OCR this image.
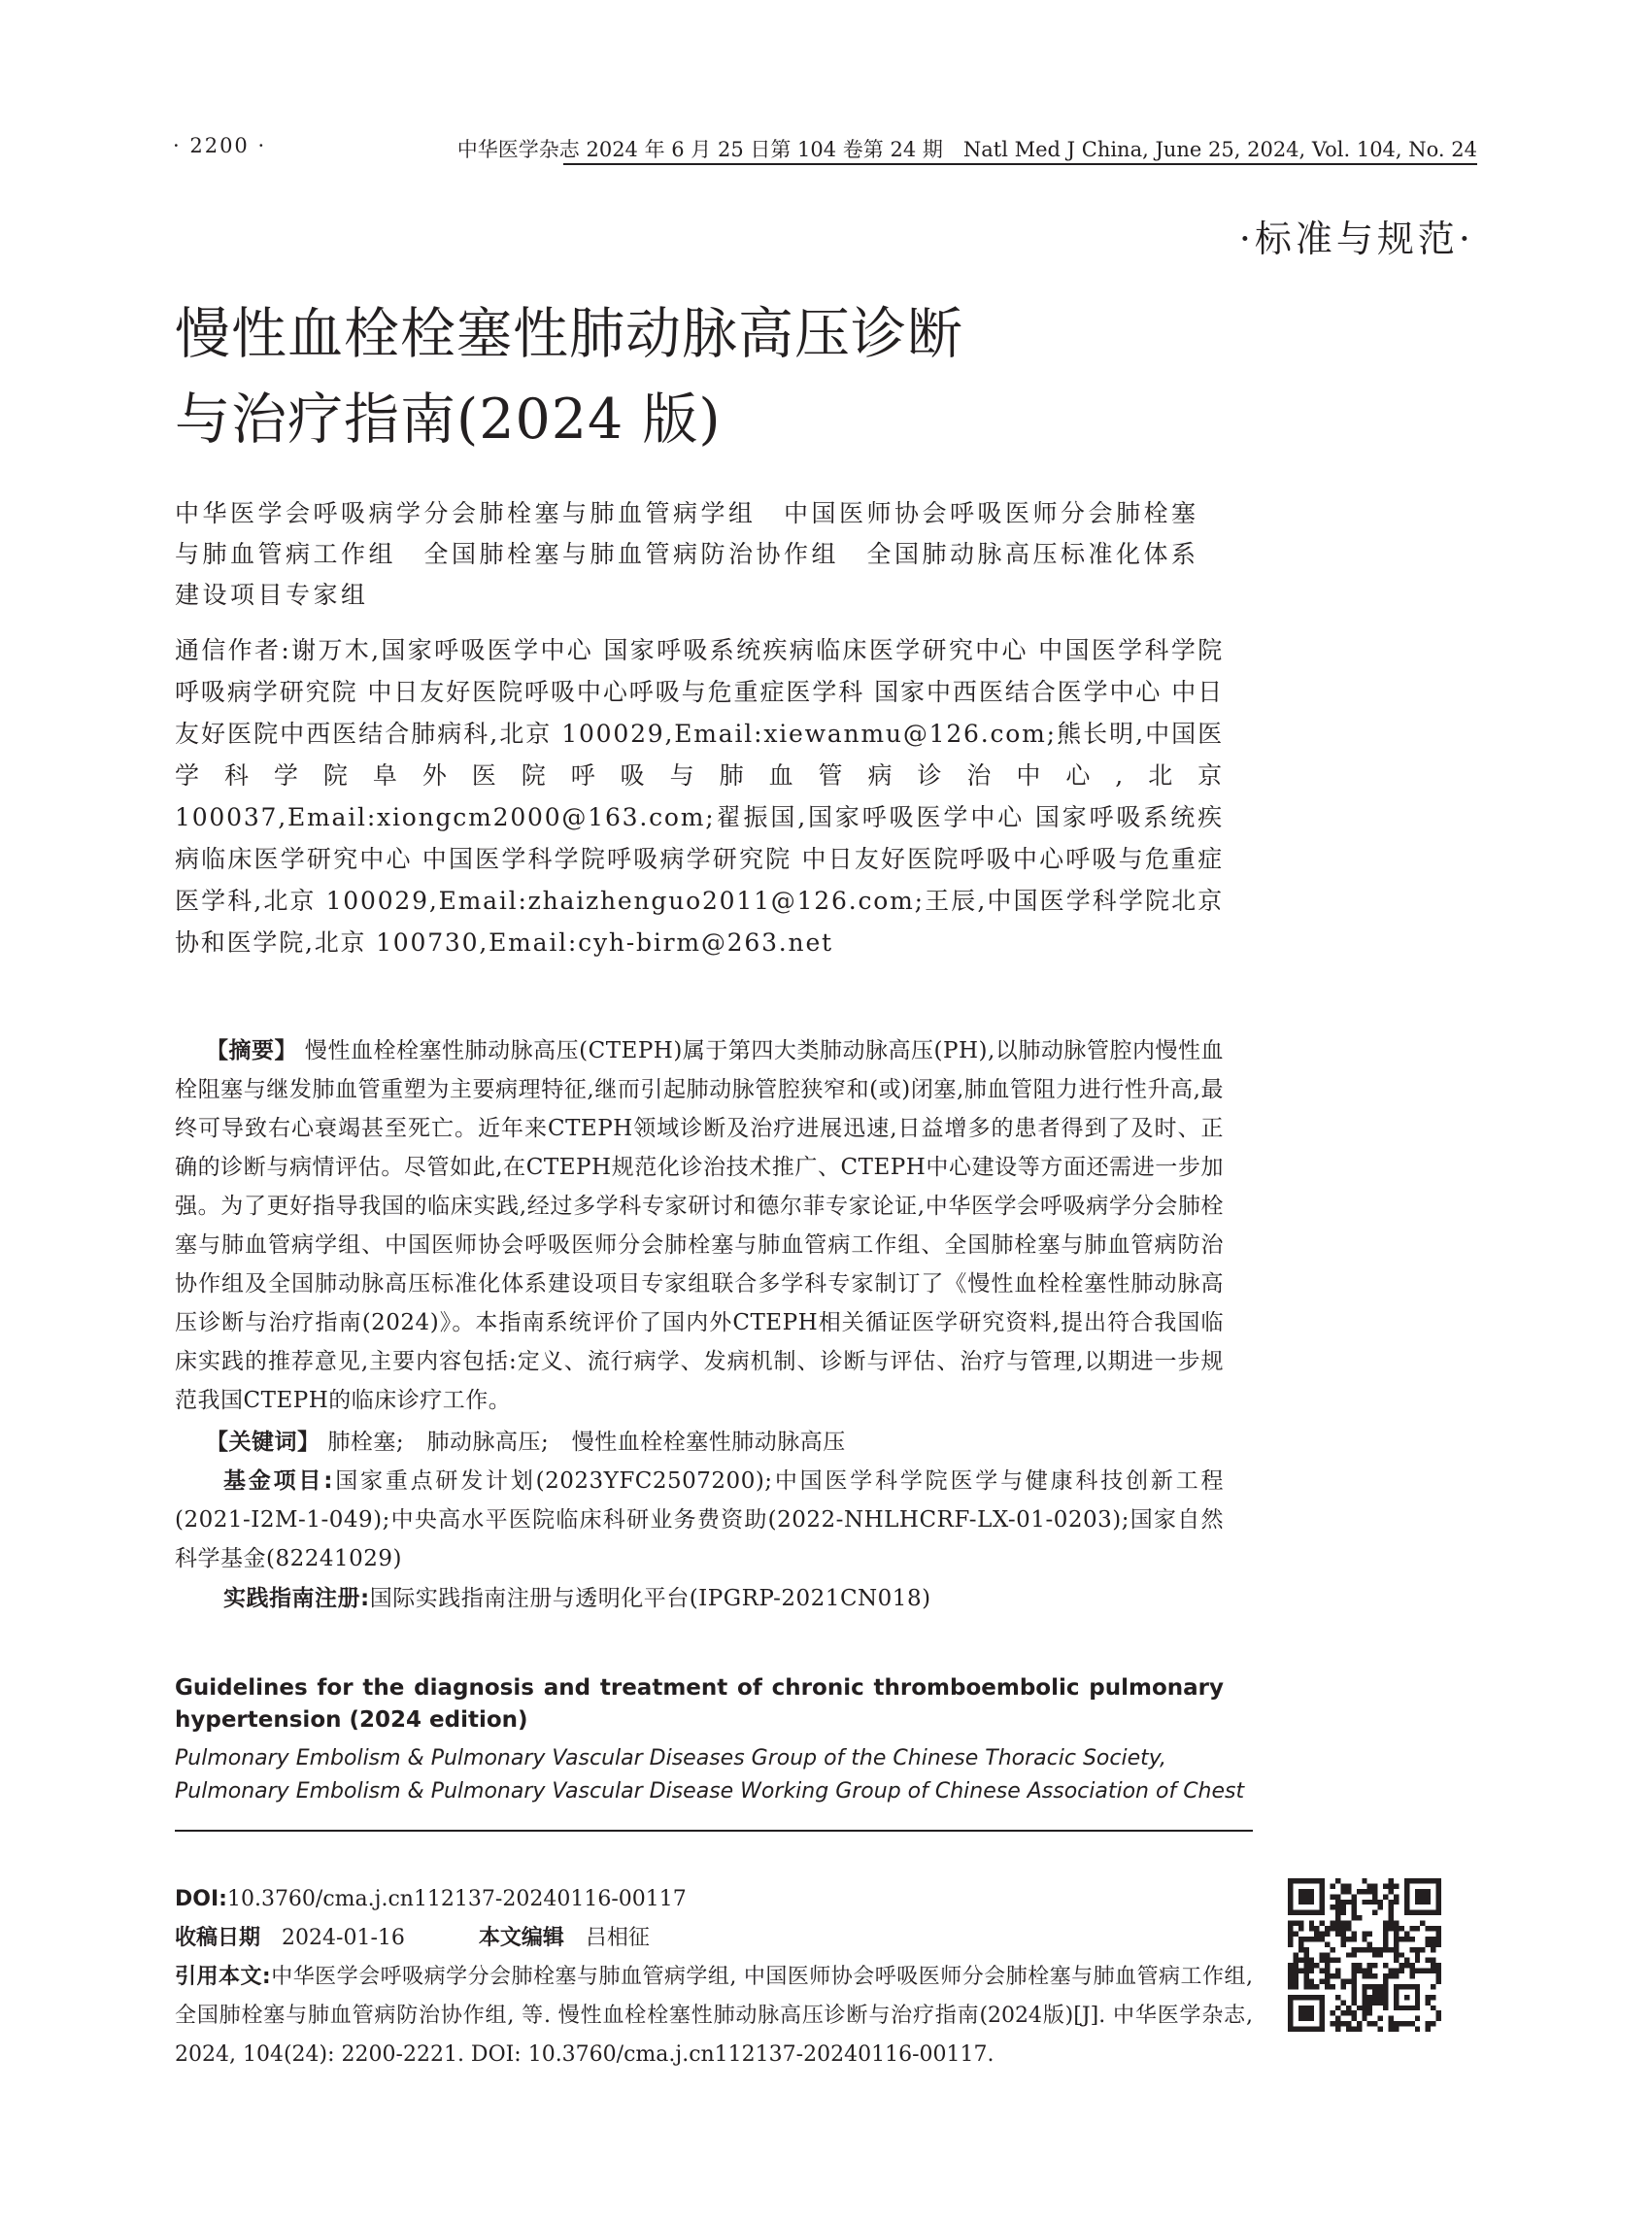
· 2200 ·	中华医学杂志 2024 年 6 月 25 日第 104 卷第 24 期　Natl Med J China, June 25, 2024, Vol. 104, No. 24
·标准与规范·
慢性血栓栓塞性肺动脉高压诊断
与治疗指南(2024 版)
中华医学会呼吸病学分会肺栓塞与肺血管病学组　中国医师协会呼吸医师分会肺栓塞与肺血管病工作组　全国肺栓塞与肺血管病防治协作组　全国肺动脉高压标准化体系建设项目专家组
通信作者:谢万木,国家呼吸医学中心 国家呼吸系统疾病临床医学研究中心 中国医学科学院呼吸病学研究院 中日友好医院呼吸中心呼吸与危重症医学科 国家中西医结合医学中心 中日友好医院中西医结合肺病科,北京 100029,Email:xiewanmu@126.com;熊长明,中国医学科学院阜外医院呼吸与肺血管病诊治中心,北京 100037,Email:xiongcm2000@163.com;翟振国,国家呼吸医学中心 国家呼吸系统疾病临床医学研究中心 中国医学科学院呼吸病学研究院 中日友好医院呼吸中心呼吸与危重症医学科,北京 100029,Email:zhaizhenguo2011@126.com;王辰,中国医学科学院北京协和医学院,北京 100730,Email:cyh-birm@263.net
【摘要】 慢性血栓栓塞性肺动脉高压(CTEPH)属于第四大类肺动脉高压(PH),以肺动脉管腔内慢性血栓阻塞与继发肺血管重塑为主要病理特征,继而引起肺动脉管腔狭窄和(或)闭塞,肺血管阻力进行性升高,最终可导致右心衰竭甚至死亡。近年来CTEPH领域诊断及治疗进展迅速,日益增多的患者得到了及时、正确的诊断与病情评估。尽管如此,在CTEPH规范化诊治技术推广、CTEPH中心建设等方面还需进一步加强。为了更好指导我国的临床实践,经过多学科专家研讨和德尔菲专家论证,中华医学会呼吸病学分会肺栓塞与肺血管病学组、中国医师协会呼吸医师分会肺栓塞与肺血管病工作组、全国肺栓塞与肺血管病防治协作组及全国肺动脉高压标准化体系建设项目专家组联合多学科专家制订了《慢性血栓栓塞性肺动脉高压诊断与治疗指南(2024)》。本指南系统评价了国内外CTEPH相关循证医学研究资料,提出符合我国临床实践的推荐意见,主要内容包括:定义、流行病学、发病机制、诊断与评估、治疗与管理,以期进一步规范我国CTEPH的临床诊疗工作。
【关键词】 肺栓塞;　肺动脉高压;　慢性血栓栓塞性肺动脉高压
基金项目:国家重点研发计划(2023YFC2507200);中国医学科学院医学与健康科技创新工程(2021-I2M-1-049);中央高水平医院临床科研业务费资助(2022-NHLHCRF-LX-01-0203);国家自然科学基金(82241029)
实践指南注册:国际实践指南注册与透明化平台(IPGRP-2021CN018)
Guidelines for the diagnosis and treatment of chronic thromboembolic pulmonary hypertension (2024 edition)
Pulmonary Embolism & Pulmonary Vascular Diseases Group of the Chinese Thoracic Society,
Pulmonary Embolism & Pulmonary Vascular Disease Working Group of Chinese Association of Chest
DOI:10.3760/cma.j.cn112137-20240116-00117
收稿日期　 2024-01-16	本文编辑　 吕相征
引用本文:中华医学会呼吸病学分会肺栓塞与肺血管病学组, 中国医师协会呼吸医师分会肺栓塞与肺血管病工作组, 全国肺栓塞与肺血管病防治协作组, 等. 慢性血栓栓塞性肺动脉高压诊断与治疗指南(2024版)[J]. 中华医学杂志, 2024, 104(24): 2200-2221. DOI: 10.3760/cma.j.cn112137-20240116-00117.
